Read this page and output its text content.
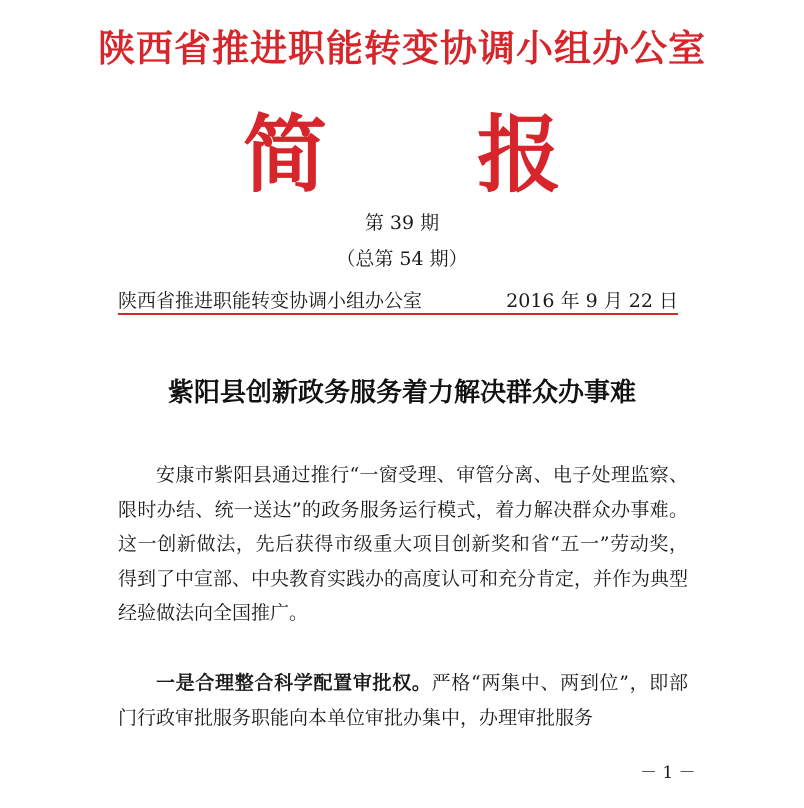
陕西省推进职能转变协调小组办公室
简 报
第 39 期
（总第 54 期）
陕西省推进职能转变协调小组办公室	2016 年 9 月 22 日
紫阳县创新政务服务着力解决群众办事难

安康市紫阳县通过推行“一窗受理、审管分离、电子处理监察、限时办结、统一送达”的政务服务运行模式，着力解决群众办事难。这一创新做法，先后获得市级重大项目创新奖和省“五一”劳动奖，得到了中宣部、中央教育实践办的高度认可和充分肯定，并作为典型经验做法向全国推广。

一是合理整合科学配置审批权。严格“两集中、两到位”，即部门行政审批服务职能向本单位审批办集中，办理审批服务

－ 1 －
